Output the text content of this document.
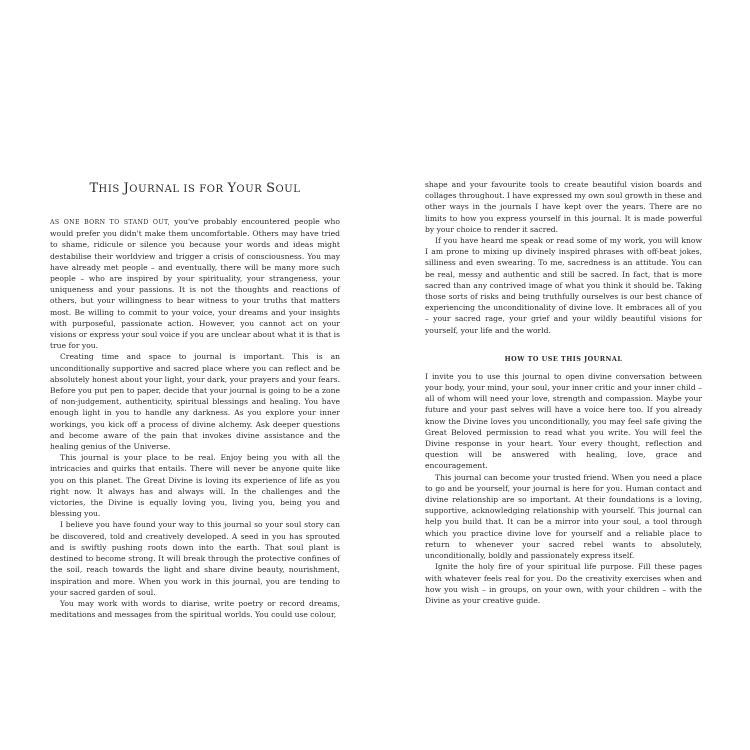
THIS JOURNAL IS FOR YOUR SOUL

AS ONE BORN TO STAND OUT, you've probably encountered people who would prefer you didn't make them uncomfortable. Others may have tried to shame, ridicule or silence you because your words and ideas might destabilise their worldview and trigger a crisis of consciousness. You may have already met people – and eventually, there will be many more such people – who are inspired by your spirituality, your strangeness, your uniqueness and your passions. It is not the thoughts and reactions of others, but your willingness to bear witness to your truths that matters most. Be willing to commit to your voice, your dreams and your insights with purposeful, passionate action. However, you cannot act on your visions or express your soul voice if you are unclear about what it is that is true for you.

Creating time and space to journal is important. This is an unconditionally supportive and sacred place where you can reflect and be absolutely honest about your light, your dark, your prayers and your fears. Before you put pen to paper, decide that your journal is going to be a zone of non-judgement, authenticity, spiritual blessings and healing. You have enough light in you to handle any darkness. As you explore your inner workings, you kick off a process of divine alchemy. Ask deeper questions and become aware of the pain that invokes divine assistance and the healing genius of the Universe.

This journal is your place to be real. Enjoy being you with all the intricacies and quirks that entails. There will never be anyone quite like you on this planet. The Great Divine is loving its experience of life as you right now. It always has and always will. In the challenges and the victories, the Divine is equally loving you, living you, being you and blessing you.

I believe you have found your way to this journal so your soul story can be discovered, told and creatively developed. A seed in you has sprouted and is swiftly pushing roots down into the earth. That soul plant is destined to become strong. It will break through the protective confines of the soil, reach towards the light and share divine beauty, nourishment, inspiration and more. When you work in this journal, you are tending to your sacred garden of soul.

You may work with words to diarise, write poetry or record dreams, meditations and messages from the spiritual worlds. You could use colour,

shape and your favourite tools to create beautiful vision boards and collages throughout. I have expressed my own soul growth in these and other ways in the journals I have kept over the years. There are no limits to how you express yourself in this journal. It is made powerful by your choice to render it sacred.

If you have heard me speak or read some of my work, you will know I am prone to mixing up divinely inspired phrases with off-beat jokes, silliness and even swearing. To me, sacredness is an attitude. You can be real, messy and authentic and still be sacred. In fact, that is more sacred than any contrived image of what you think it should be. Taking those sorts of risks and being truthfully ourselves is our best chance of experiencing the unconditionality of divine love. It embraces all of you – your sacred rage, your grief and your wildly beautiful visions for yourself, your life and the world.

HOW TO USE THIS JOURNAL

I invite you to use this journal to open divine conversation between your body, your mind, your soul, your inner critic and your inner child – all of whom will need your love, strength and compassion. Maybe your future and your past selves will have a voice here too. If you already know the Divine loves you unconditionally, you may feel safe giving the Great Beloved permission to read what you write. You will feel the Divine response in your heart. Your every thought, reflection and question will be answered with healing, love, grace and encouragement.

This journal can become your trusted friend. When you need a place to go and be yourself, your journal is here for you. Human contact and divine relationship are so important. At their foundations is a loving, supportive, acknowledging relationship with yourself. This journal can help you build that. It can be a mirror into your soul, a tool through which you practice divine love for yourself and a reliable place to return to whenever your sacred rebel wants to absolutely, unconditionally, boldly and passionately express itself.

Ignite the holy fire of your spiritual life purpose. Fill these pages with whatever feels real for you. Do the creativity exercises when and how you wish – in groups, on your own, with your children – with the Divine as your creative guide.
